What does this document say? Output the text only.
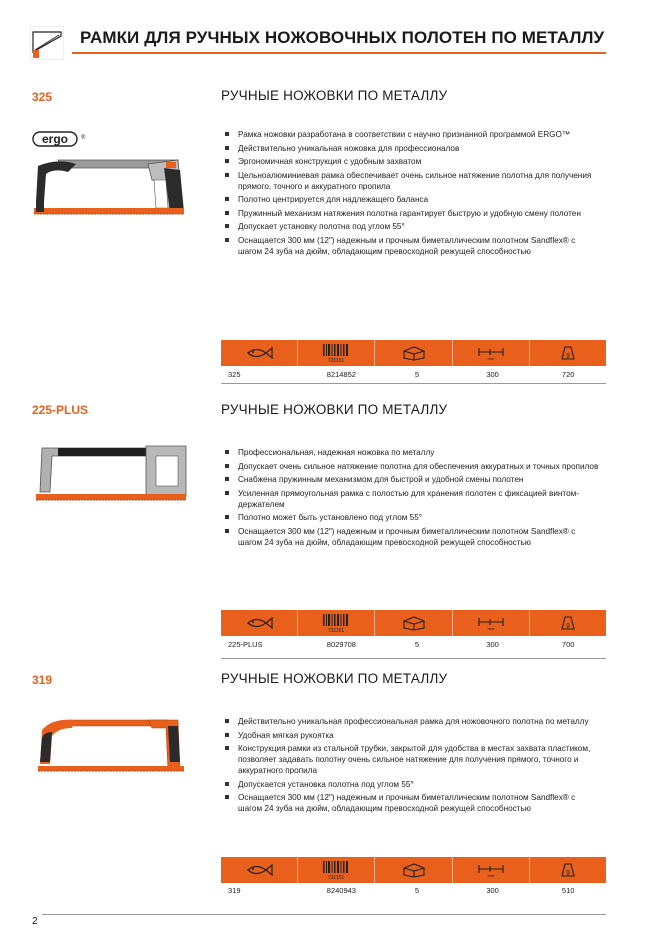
РАМКИ ДЛЯ РУЧНЫХ НОЖОВОЧНЫХ ПОЛОТЕН ПО МЕТАЛЛУ
325	РУЧНЫЕ НОЖОВКИ ПО МЕТАЛЛУ
ergo ®	Рамка ножовки разработана в соответствии с научно признанной программой ERGO™
Действительно уникальная ножовка для профессионалов
Эргономичная конструкция с удобным захватом
Цельноалюминиевая рамка обеспечивает очень сильное натяжение полотна для получения прямого, точного и аккуратного пропила
Полотно центрируется для надлежащего баланса
Пружинный механизм натяжения полотна гарантирует быструю и удобную смену полотен
Допускает установку полотна под углом 55°
Оснащается 300 мм (12") надежным и прочным биметаллическим полотном Sandflex® с шагом 24 зуба на дюйм, обладающим превосходной режущей способностью
731151	mm	g
325	8214852	5	300	720
225-PLUS	РУЧНЫЕ НОЖОВКИ ПО МЕТАЛЛУ
Профессиональная, надежная ножовка по металлу
Допускает очень сильное натяжение полотна для обеспечения аккуратных и точных пропилов
Снабжена пружинным механизмом для быстрой и удобной смены полотен
Усиленная прямоугольная рамка с полостью для хранения полотен с фиксацией винтом-держателем
Полотно может быть установлено под углом 55°
Оснащается 300 мм (12") надежным и прочным биметаллическим полотном Sandflex® с шагом 24 зуба на дюйм, обладающим превосходной режущей способностью
731151	mm	g
225-PLUS	8029708	5	300	700
319	РУЧНЫЕ НОЖОВКИ ПО МЕТАЛЛУ
Действительно уникальная профессиональная рамка для ножовочного полотна по металлу
Удобная мягкая рукоятка
Конструкция рамки из стальной трубки, закрытой для удобства в местах захвата пластиком, позволяет задавать полотну очень сильное натяжение для получения прямого, точного и аккуратного пропила
Допускается установка полотна под углом 55°
Оснащается 300 мм (12") надежным и прочным биметаллическим полотном Sandflex® с шагом 24 зуба на дюйм, обладающим превосходной режущей способностью
731151	mm	g
319	8240943	5	300	510
2
